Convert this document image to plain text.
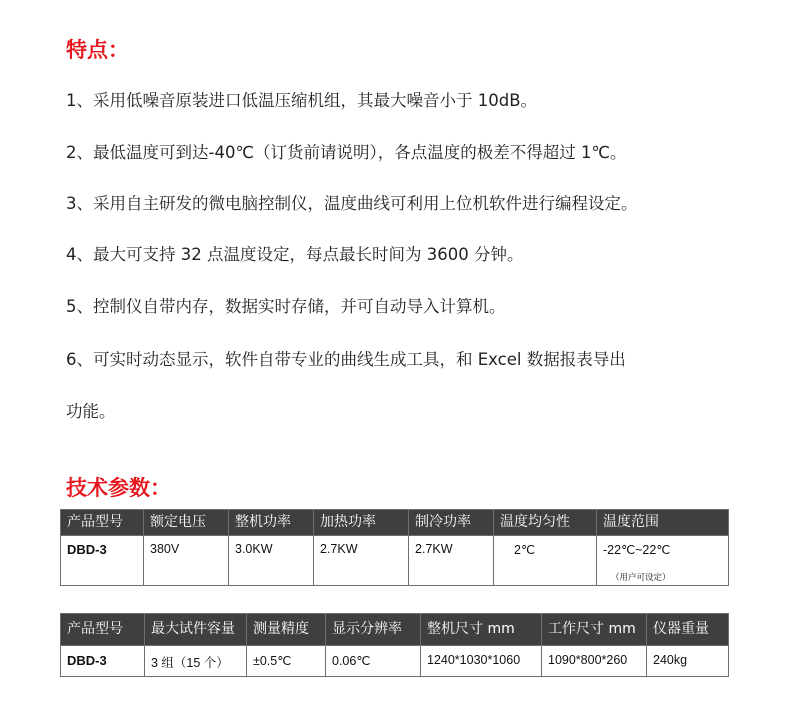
特点：
1、采用低噪音原装进口低温压缩机组，其最大噪音小于 10dB。
2、最低温度可到达-40℃（订货前请说明），各点温度的极差不得超过 1℃。
3、采用自主研发的微电脑控制仪，温度曲线可利用上位机软件进行编程设定。
4、最大可支持 32 点温度设定，每点最长时间为 3600 分钟。
5、控制仪自带内存，数据实时存储，并可自动导入计算机。
6、可实时动态显示，软件自带专业的曲线生成工具，和 Excel 数据报表导出
功能。
技术参数：
产品型号	额定电压	整机功率	加热功率	制冷功率	温度均匀性	温度范围
DBD-3	380V	3.0KW	2.7KW	2.7KW	2℃	-22℃~22℃
（用户可设定）
产品型号	最大试件容量	测量精度	显示分辨率	整机尺寸 mm	工作尺寸 mm	仪器重量
DBD-3	3 组（15 个）	±0.5℃	0.06℃	1240*1030*1060	1090*800*260	240kg
